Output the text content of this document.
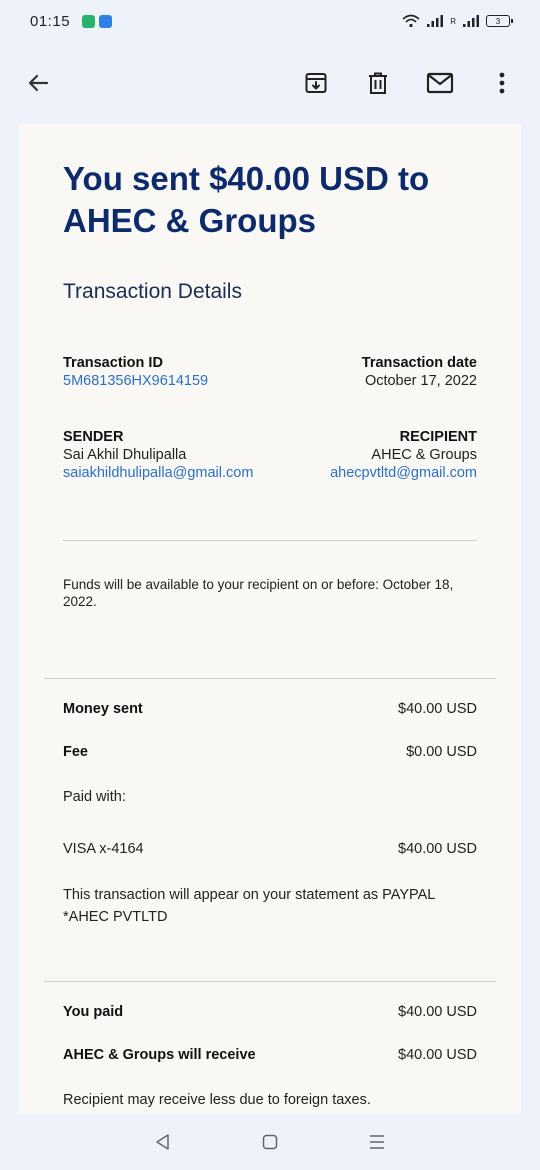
01:15	R	3
You sent $40.00 USD to AHEC & Groups
Transaction Details
Transaction ID
5M681356HX9614159
Transaction date
October 17, 2022
SENDER
Sai Akhil Dhulipalla
saiakhildhulipalla@gmail.com
RECIPIENT
AHEC & Groups
ahecpvtltd@gmail.com
Funds will be available to your recipient on or before: October 18, 2022.
Money sent	$40.00 USD
Fee	$0.00 USD
Paid with:
VISA x-4164	$40.00 USD
This transaction will appear on your statement as PAYPAL *AHEC PVTLTD
You paid	$40.00 USD
AHEC & Groups will receive	$40.00 USD
Recipient may receive less due to foreign taxes.
